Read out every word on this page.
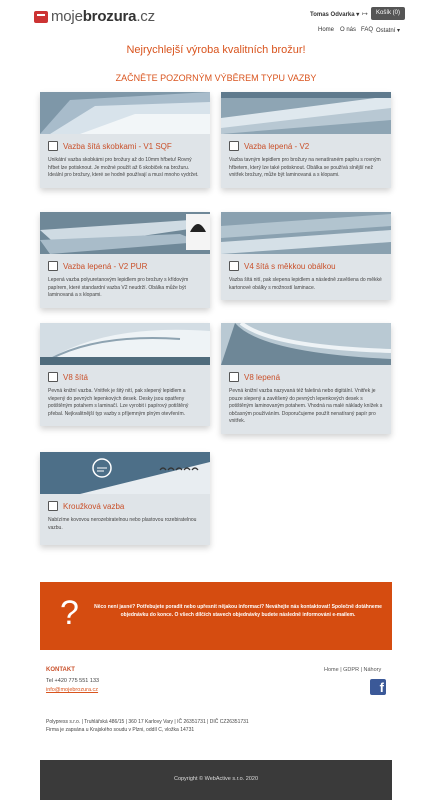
mojebrozura.cz	Tomas Odvarka ▾ ↦	Košík (0)
Home O nás FAQ Ostatní ▾
Nejrychlejší výroba kvalitních brožur!
ZAČNĚTE POZORNÝM VÝBĚREM TYPU VAZBY
Vazba šítá skobkami - V1 SQF
Unikátní vazba skobkámi pro brožury až do 10mm hřbetu! Rovný hřbet lze potisknout. Je možné použít až 6 skobiček na brožuru. Ideální pro brožury, které se hodně používají a musí mnoho vydržet.
Vazba lepená - V2
Vazba tavným lepidlem pro brožury na nenatíraném papíru s rovným hřbetem, který lze také potisknout. Obálka se používá slnější než vnitřek brožury, může být laminovaná a s klopami.
Vazba lepená - V2 PUR
Lepená vazba polyuretanovým lepidlem pro brožury s křídovým papírem, které standardní vazba V2 neudrží. Obálka může být laminovaná a s klopami.
V4 šítá s měkkou obálkou
Vazba šítá nití, pak slepena lepidlem a následně zavěšena do měkké kartonové obálky s možností laminace.
V8 šítá
Pevná knižní vazba. Vnitřek je šitý nití, pak slepený lepidlem a vlepený do pevných lepenkových desek. Desky jsou opatřeny potištěným potahem s laminačí. Lze vyrobit i papírový potištěný přebal. Nejkvalitnější typ vazby s příjemným plným otevřením.
V8 lepená
Pevná knižní vazba nazyvaná též falešná nebo digitální. Vnitřek je pouze slepený a zavěšený do pevných lepenkových desek s potištěným laminovaným potahem. Vhodná na malé náklady knížek s občasným používáním. Doporučujeme použít nenatíraný papír pro vnitřek.
Kroužková vazba
Nabízíme kovovou nerozebiratelnou nebo plastovou rozebiratelnou vazbu.
?	Něco není jasné? Potřebujete poradit nebo upřesnit nějakou informaci? Neváhejte nás kontaktovat! Společně dotáhneme objednávku do konce. O všech dílčích stavech objednávky budete následně informováni e-mailem.
KONTAKT
Tel +420 775 551 133
info@mojebrozura.cz
Home | GDPR | Náhory
f
Polypress s.r.o. | Truhlářská 486/15 | 360 17 Karlovy Vary | IČ 26351731 | DIČ CZ26351731
Firma je zapsána u Krajského soudu v Plzni, oddíl C, vložka 14731
Copyright © WebActive s.r.o. 2020
